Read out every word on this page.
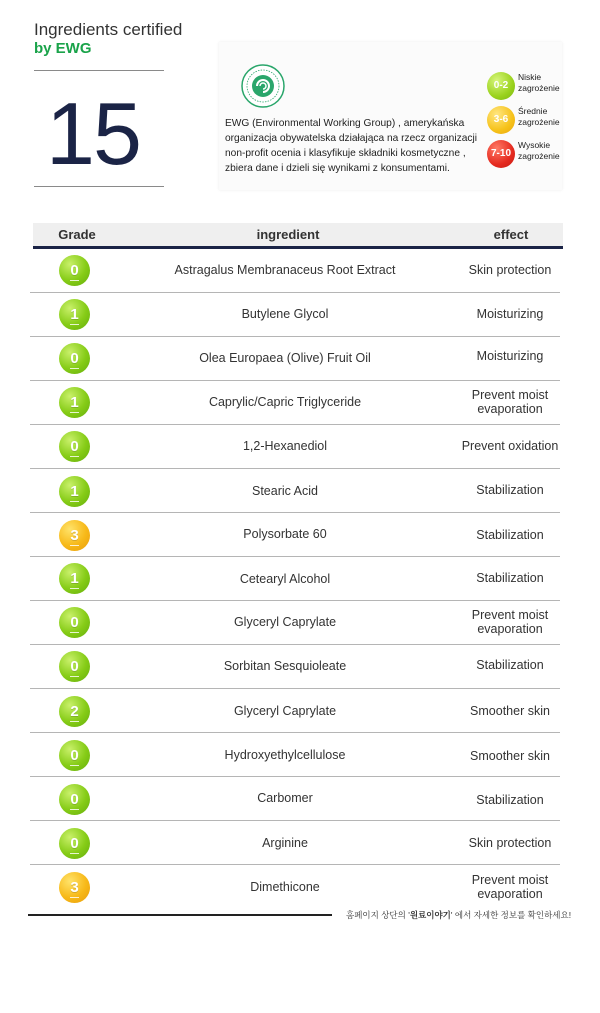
Ingredients certified
by EWG
15	EWG (Environmental Working Group) , amerykańska organizacja obywatelska działająca na rzecz organizacji non-profit ocenia i klasyfikuje składniki kosmetyczne , zbiera dane i dzieli się wynikami z konsumentami.
0-2
Niskie zagrożenie
3-6
Średnie zagrożenie
7-10
Wysokie zagrożenie
Grade	ingredient	effect
0	Astragalus Membranaceus Root Extract	Skin protection
1	Butylene Glycol	Moisturizing
0	Olea Europaea (Olive) Fruit Oil	Moisturizing
1	Caprylic/Capric Triglyceride	Prevent moist evaporation
0	1,2-Hexanediol	Prevent oxidation
1	Stearic Acid	Stabilization
3	Polysorbate 60	Stabilization
1	Cetearyl Alcohol	Stabilization
0	Glyceryl Caprylate	Prevent moist evaporation
0	Sorbitan Sesquioleate	Stabilization
2	Glyceryl Caprylate	Smoother skin
0	Hydroxyethylcellulose	Smoother skin
0	Carbomer	Stabilization
0	Arginine	Skin protection
3	Dimethicone	Prevent moist evaporation
홈페이지 상단의 '원료이야기' 에서 자세한 정보를 확인하세요!
